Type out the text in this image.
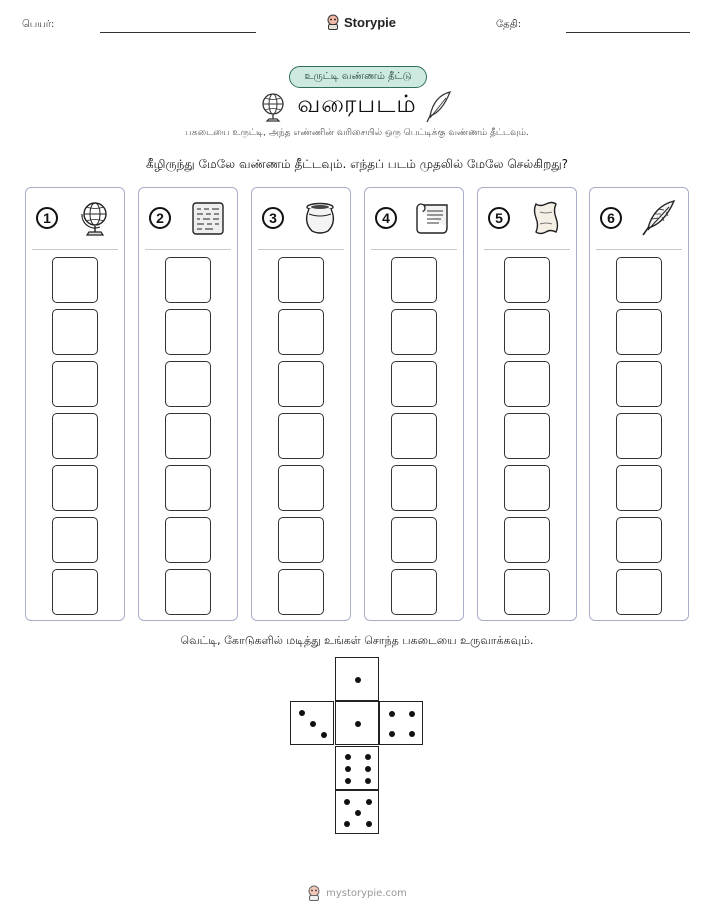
பெயர்:	Storypie	தேதி:
உருட்டி வண்ணம் தீட்டு
வரைபடம்
பகடையை உருட்டி, அந்த எண்ணின் வரிசையில் ஒரு பெட்டிக்கு வண்ணம் தீட்டவும்.
கீழிருந்து மேலே வண்ணம் தீட்டவும். எந்தப் படம் முதலில் மேலே செல்கிறது?
1	2	3	4	5	6
வெட்டி, கோடுகளில் மடித்து உங்கள் சொந்த பகடையை உருவாக்கவும்.
mystorypie.com
